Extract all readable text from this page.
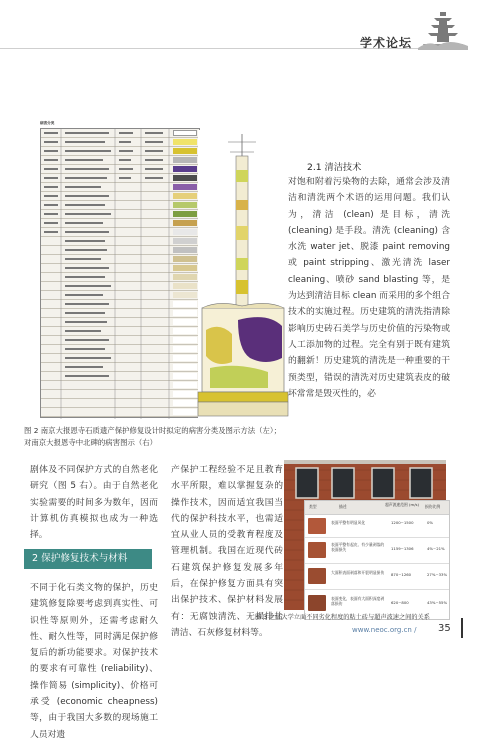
学术论坛
病害分类
图 2 南京大报恩寺石质遗产保护修复设计时拟定的病害分类及图示方法（左）；
对南京大报恩寺中北碑的病害图示（右）
2.1 清洁技术
对饱和附着污染物的去除，通常会涉及清洁和清洗两个术语的运用问题。我们认为，清洁 (clean) 是目标，清洗 (cleaning) 是手段。清洗 (cleaning) 含水洗 water jet、脱漆 paint removing 或 paint stripping、激光清洗 laser cleaning、喷砂 sand blasting 等，是为达到清洁目标 clean 而采用的多个组合技术的实施过程。历史建筑的清洗指清除影响历史砖石美学与历史价值的污染物或人工添加物的过程。完全有别于既有建筑的翻新！历史建筑的清洗是一种重要的干预类型，错误的清洗对历史建筑表皮的破坏常常是毁灭性的，必
剧体及不同保护方式的自然老化研究（图 5 右）。由于自然老化实验需要的时间多为数年，因而计算机仿真模拟也成为一种选择。
2 保护修复技术与材料
不同于化石类文物的保护，历史建筑修复除要考虑到真实性、可识性等原则外，还需考虑耐久性、耐久性等，同时满足保护修复后的新功能要求。对保护技术的要求有可靠性 (reliability)、操作简易 (simplicity)、价格可承受 (economic cheapness) 等，由于我国大多数的现场施工人员对遗
产保护工程经验不足且教育水平所限，难以掌握复杂的操作技术，因而适宜我国当代的保护科技水平，也需适宜从业人员的受教育程度及管理机制。我国在近现代砖石建筑保护修复发展多年后，在保护修复方面具有突出保护技术、保护材料发展有：无腐蚀清洗、无损排盐清洁、石灰修复材料等。
类型	描述	超声波速范围 (m/s) 损伤比例
表面平整有明显风化	1200~1500	0%
表面平整有起皮、有少量剥落的表面损失	1159~1306	4%~21%
大面积表面剥落和开裂明显损伤 870~1260	27%~33%
表面变化，表面有大面积深度剥落损伤	620~800	43%~55%
图 3 之江大学立面不同劣化程度的粘土砖与超声波速之间的关系
www.neoc.org.cn / 35
